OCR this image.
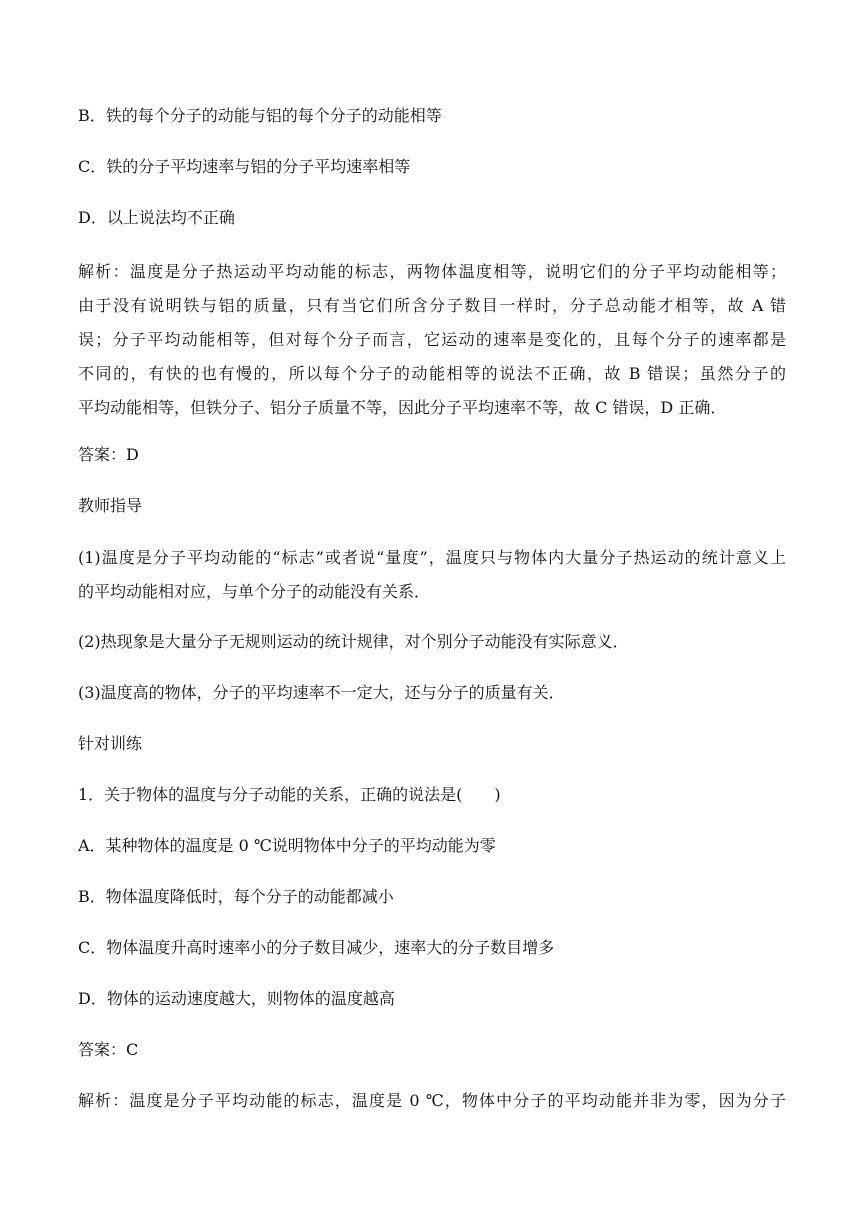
B．铁的每个分子的动能与铝的每个分子的动能相等
C．铁的分子平均速率与铝的分子平均速率相等
D．以上说法均不正确
解析：温度是分子热运动平均动能的标志，两物体温度相等，说明它们的分子平均动能相等；
由于没有说明铁与铝的质量，只有当它们所含分子数目一样时，分子总动能才相等，故 A 错
误；分子平均动能相等，但对每个分子而言，它运动的速率是变化的，且每个分子的速率都是
不同的，有快的也有慢的，所以每个分子的动能相等的说法不正确，故 B 错误；虽然分子的
平均动能相等，但铁分子、铝分子质量不等，因此分子平均速率不等，故 C 错误，D 正确．
答案：D
教师指导
(1)温度是分子平均动能的“标志”或者说“量度”，温度只与物体内大量分子热运动的统计意义上
的平均动能相对应，与单个分子的动能没有关系．
(2)热现象是大量分子无规则运动的统计规律，对个别分子动能没有实际意义．
(3)温度高的物体，分子的平均速率不一定大，还与分子的质量有关．
针对训练
1．关于物体的温度与分子动能的关系，正确的说法是(　　)
A．某种物体的温度是 0 ℃说明物体中分子的平均动能为零
B．物体温度降低时，每个分子的动能都减小
C．物体温度升高时速率小的分子数目减少，速率大的分子数目增多
D．物体的运动速度越大，则物体的温度越高
答案：C
解析：温度是分子平均动能的标志，温度是 0 ℃，物体中分子的平均动能并非为零，因为分子
